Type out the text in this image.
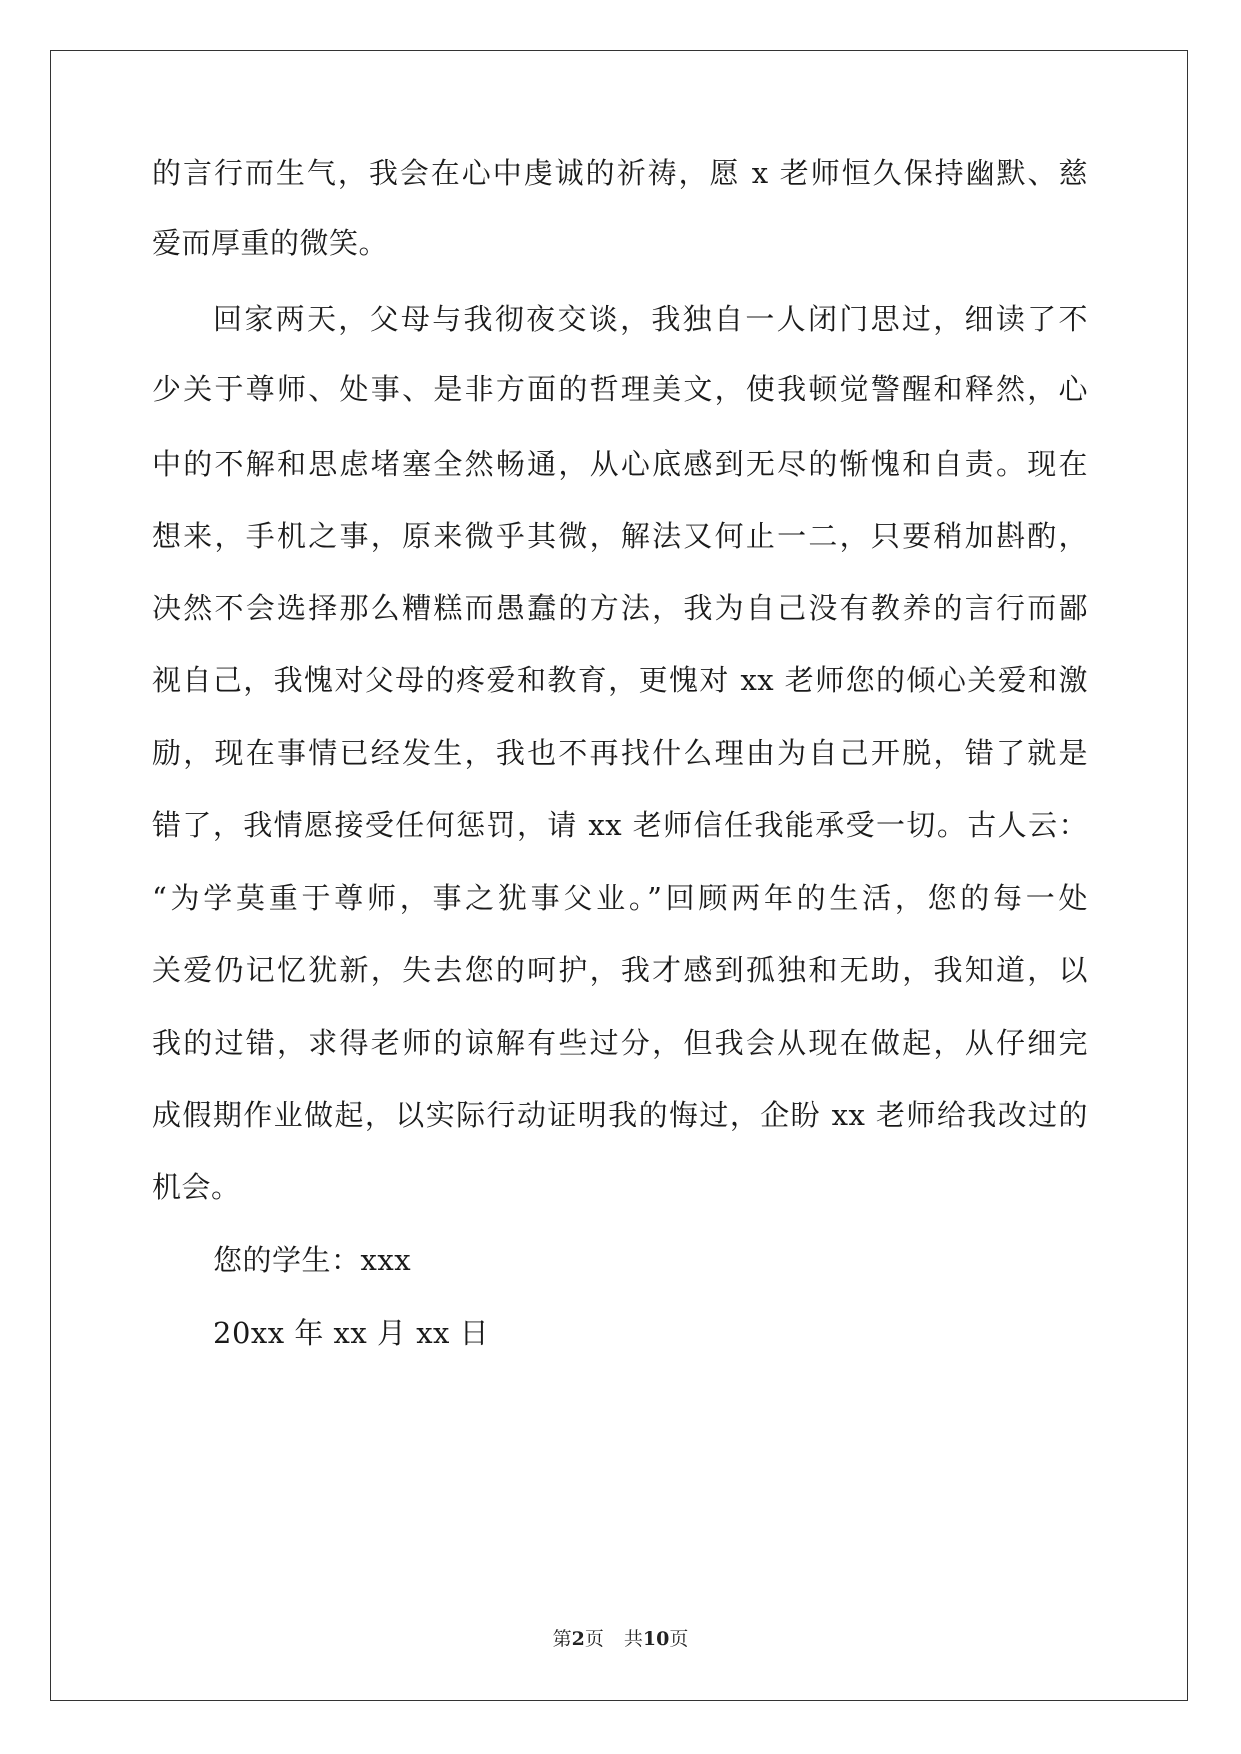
的言行而生气，我会在心中虔诚的祈祷，愿 x 老师恒久保持幽默、慈
爱而厚重的微笑。
回家两天，父母与我彻夜交谈，我独自一人闭门思过，细读了不
少关于尊师、处事、是非方面的哲理美文，使我顿觉警醒和释然，心
中的不解和思虑堵塞全然畅通，从心底感到无尽的惭愧和自责。现在
想来，手机之事，原来微乎其微，解法又何止一二，只要稍加斟酌，
决然不会选择那么糟糕而愚蠢的方法，我为自己没有教养的言行而鄙
视自己，我愧对父母的疼爱和教育，更愧对 xx 老师您的倾心关爱和激
励，现在事情已经发生，我也不再找什么理由为自己开脱，错了就是
错了，我情愿接受任何惩罚，请 xx 老师信任我能承受一切。古人云：
“为学莫重于尊师，事之犹事父业。”回顾两年的生活，您的每一处
关爱仍记忆犹新，失去您的呵护，我才感到孤独和无助，我知道，以
我的过错，求得老师的谅解有些过分，但我会从现在做起，从仔细完
成假期作业做起，以实际行动证明我的悔过，企盼 xx 老师给我改过的
机会。
您的学生：xxx
20xx 年 xx 月 xx 日
第2页 共10页
